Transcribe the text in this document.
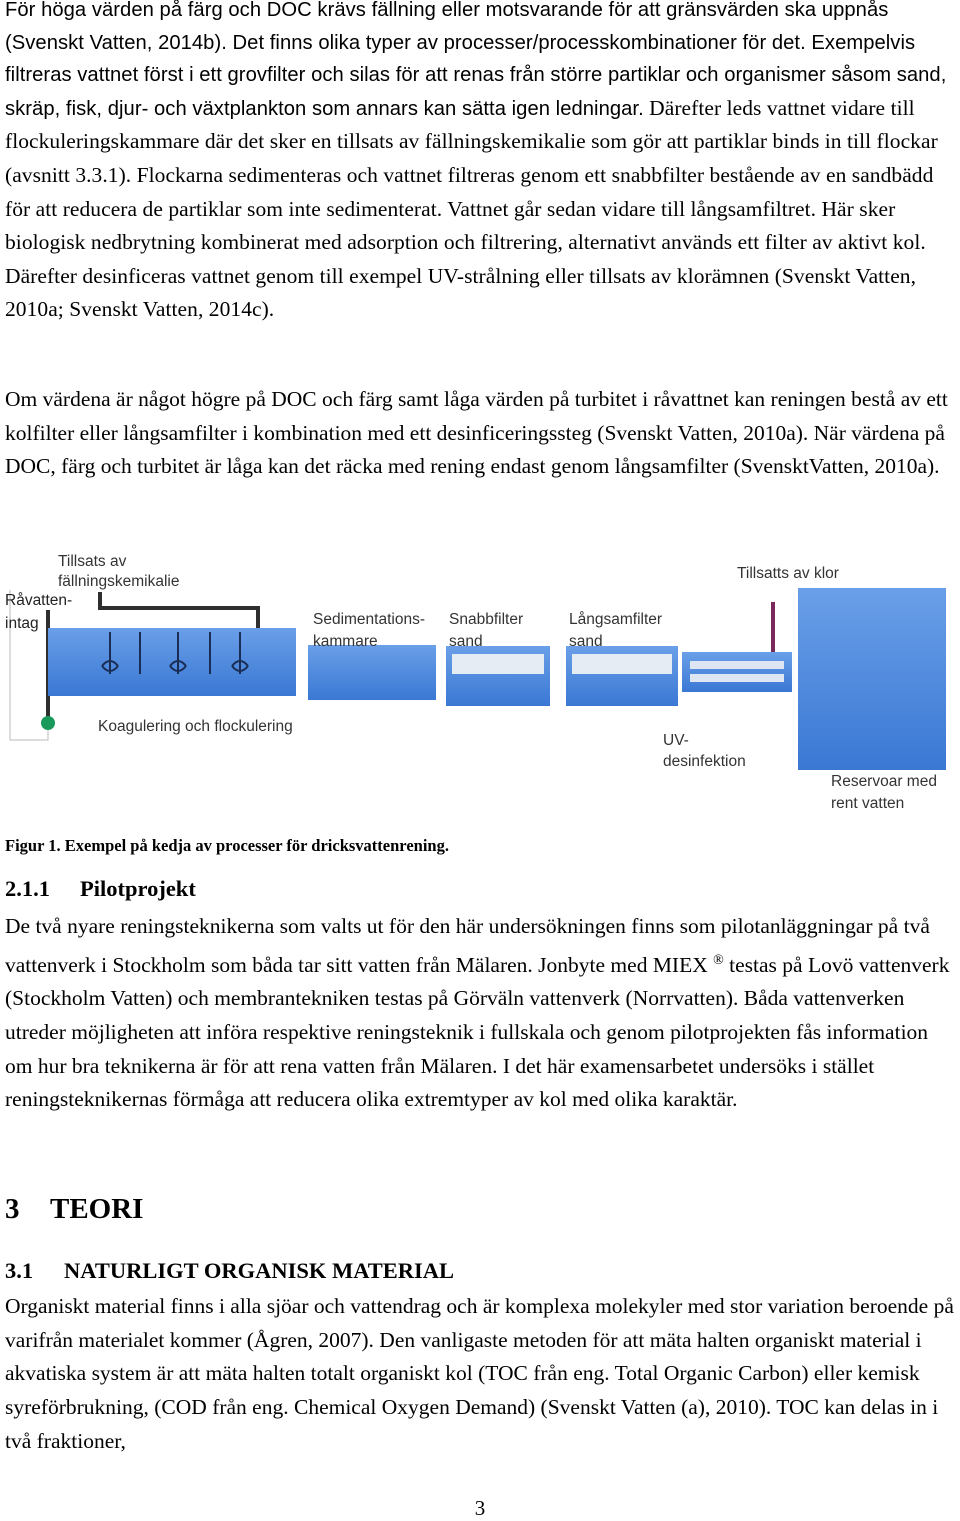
För höga värden på färg och DOC krävs fällning eller motsvarande för att gränsvärden ska uppnås (Svenskt Vatten, 2014b). Det finns olika typer av processer/processkombinationer för det. Exempelvis filtreras vattnet först i ett grovfilter och silas för att renas från större partiklar och organismer såsom sand, skräp, fisk, djur- och växtplankton som annars kan sätta igen ledningar. Därefter leds vattnet vidare till flockuleringskammare där det sker en tillsats av fällningskemikalie som gör att partiklar binds in till flockar (avsnitt 3.3.1). Flockarna sedimenteras och vattnet filtreras genom ett snabbfilter bestående av en sandbädd för att reducera de partiklar som inte sedimenterat. Vattnet går sedan vidare till långsamfiltret. Här sker biologisk nedbrytning kombinerat med adsorption och filtrering, alternativt används ett filter av aktivt kol. Därefter desinficeras vattnet genom till exempel UV-strålning eller tillsats av klorämnen (Svenskt Vatten, 2010a; Svenskt Vatten, 2014c).

Om värdena är något högre på DOC och färg samt låga värden på turbitet i råvattnet kan reningen bestå av ett kolfilter eller långsamfilter i kombination med ett desinficeringssteg (Svenskt Vatten, 2010a). När värdena på DOC, färg och turbitet är låga kan det räcka med rening endast genom långsamfilter (SvensktVatten, 2010a).

Tillsats av
fällningskemikalie
Råvatten-
intag	Sedimentations-
kammare
Snabbfilter
sand
Långsamfilter
sand
Tillsatts av klor
Koagulering och flockulering
UV-
desinfektion
Reservoar med
rent vatten

Figur 1. Exempel på kedja av processer för dricksvattenrening.

2.1.1 Pilotprojekt

De två nyare reningsteknikerna som valts ut för den här undersökningen finns som pilotanläggningar på två vattenverk i Stockholm som båda tar sitt vatten från Mälaren. Jonbyte med MIEX ® testas på Lovö vattenverk (Stockholm Vatten) och membrantekniken testas på Görväln vattenverk (Norrvatten). Båda vattenverken utreder möjligheten att införa respektive reningsteknik i fullskala och genom pilotprojekten fås information om hur bra teknikerna är för att rena vatten från Mälaren. I det här examensarbetet undersöks i stället reningsteknikernas förmåga att reducera olika extremtyper av kol med olika karaktär.

3 TEORI
3.1 NATURLIGT ORGANISK MATERIAL

Organiskt material finns i alla sjöar och vattendrag och är komplexa molekyler med stor variation beroende på varifrån materialet kommer (Ågren, 2007). Den vanligaste metoden för att mäta halten organiskt material i akvatiska system är att mäta halten totalt organiskt kol (TOC från eng. Total Organic Carbon) eller kemisk syreförbrukning, (COD från eng. Chemical Oxygen Demand) (Svenskt Vatten (a), 2010). TOC kan delas in i två fraktioner,

3
